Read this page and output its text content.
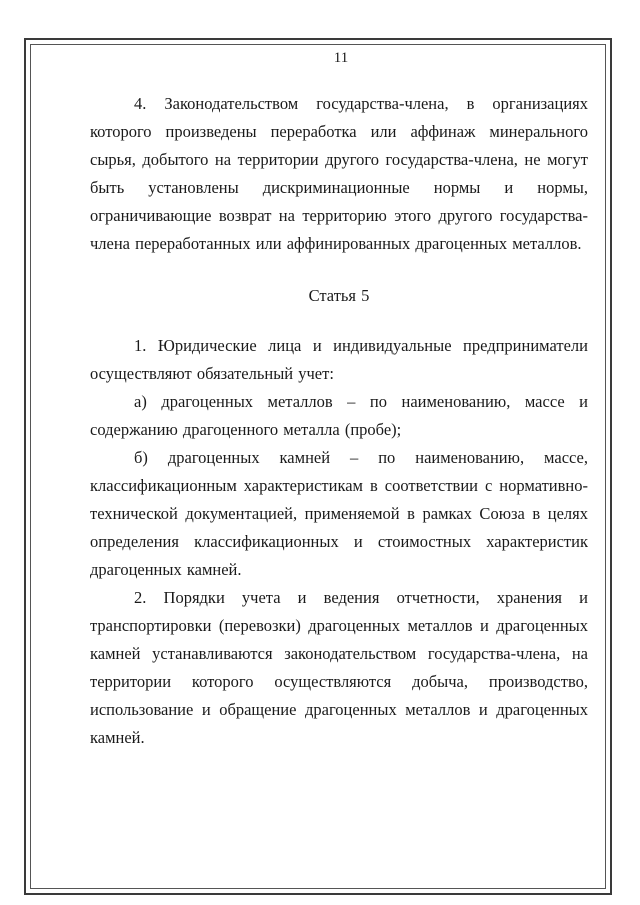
11

4. Законодательством государства-члена, в организациях которого произведены переработка или аффинаж минерального сырья, добытого на территории другого государства-члена, не могут быть установлены дискриминационные нормы и нормы, ограничивающие возврат на территорию этого другого государства-члена переработанных или аффинированных драгоценных металлов.

Статья 5

1. Юридические лица и индивидуальные предприниматели осуществляют обязательный учет:

а) драгоценных металлов – по наименованию, массе и содержанию драгоценного металла (пробе);

б) драгоценных камней – по наименованию, массе, классификационным характеристикам в соответствии с нормативно-технической документацией, применяемой в рамках Союза в целях определения классификационных и стоимостных характеристик драгоценных камней.

2. Порядки учета и ведения отчетности, хранения и транспортировки (перевозки) драгоценных металлов и драгоценных камней устанавливаются законодательством государства-члена, на территории которого осуществляются добыча, производство, использование и обращение драгоценных металлов и драгоценных камней.
